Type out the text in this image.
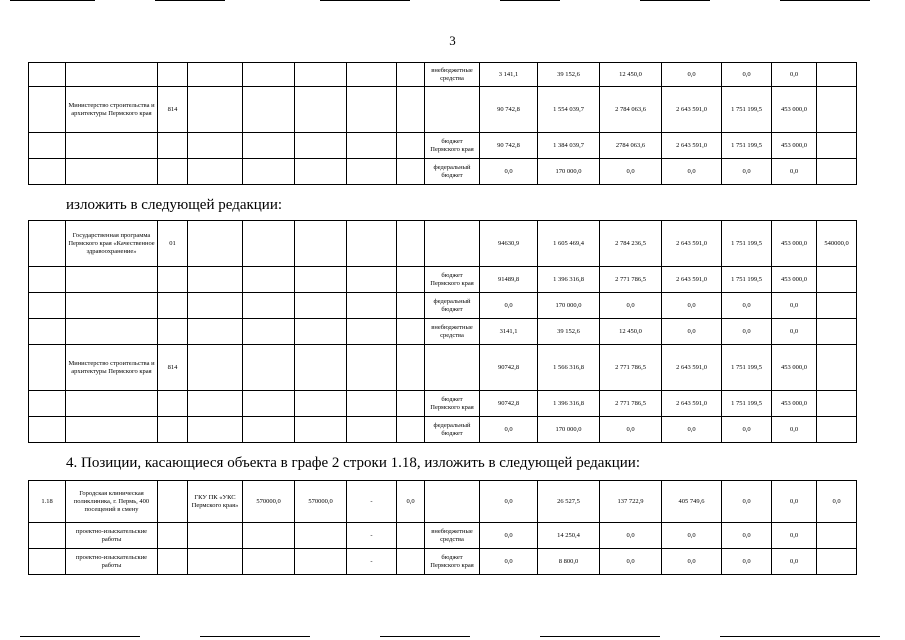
3
								внебюджетные средства	3 141,1	39 152,6	12 450,0	0,0	0,0	0,0	
	Министерство строительства и архитектуры Пермского края	814							90 742,8	1 554 039,7	2 784 063,6	2 643 591,0	1 751 199,5	453 000,0	
								бюджет Пермского края	90 742,8	1 384 039,7	2784 063,6	2 643 591,0	1 751 199,5	453 000,0	
								федеральный бюджет	0,0	170 000,0	0,0	0,0	0,0	0,0	
излoжить в следующей редакции:
	Государственная программа Пермского края «Качественное здравоохранение»	01							94630,9	1 605 469,4	2 784 236,5	2 643 591,0	1 751 199,5	453 000,0	540000,0
								бюджет Пермского края	91489,8	1 396 316,8	2 771 786,5	2 643 591,0	1 751 199,5	453 000,0	
								федеральный бюджет	0,0	170 000,0	0,0	0,0	0,0	0,0	
								внебюджетные средства	3141,1	39 152,6	12 450,0	0,0	0,0	0,0	
	Министерство строительства и архитектуры Пермского края	814							90742,8	1 566 316,8	2 771 786,5	2 643 591,0	1 751 199,5	453 000,0	
								бюджет Пермского края	90742,8	1 396 316,8	2 771 786,5	2 643 591,0	1 751 199,5	453 000,0	
								федеральный бюджет	0,0	170 000,0	0,0	0,0	0,0	0,0	
4. Позиции, касающиеся объекта в графе 2 строки 1.18, изложить в следующей редакции:
1.18	Городская клиническая поликлиника, г. Пермь, 400 посещений в смену		ГКУ ПК «УКС Пермского края»	570000,0	570000,0	-	0,0		0,0	26 527,5	137 722,9	405 749,6	0,0	0,0	0,0
	проектно-изыскательские работы					-		внебюджетные средства	0,0	14 250,4	0,0	0,0	0,0	0,0	
	проектно-изыскательские работы					-		бюджет Пермского края	0,0	8 800,0	0,0	0,0	0,0	0,0	
